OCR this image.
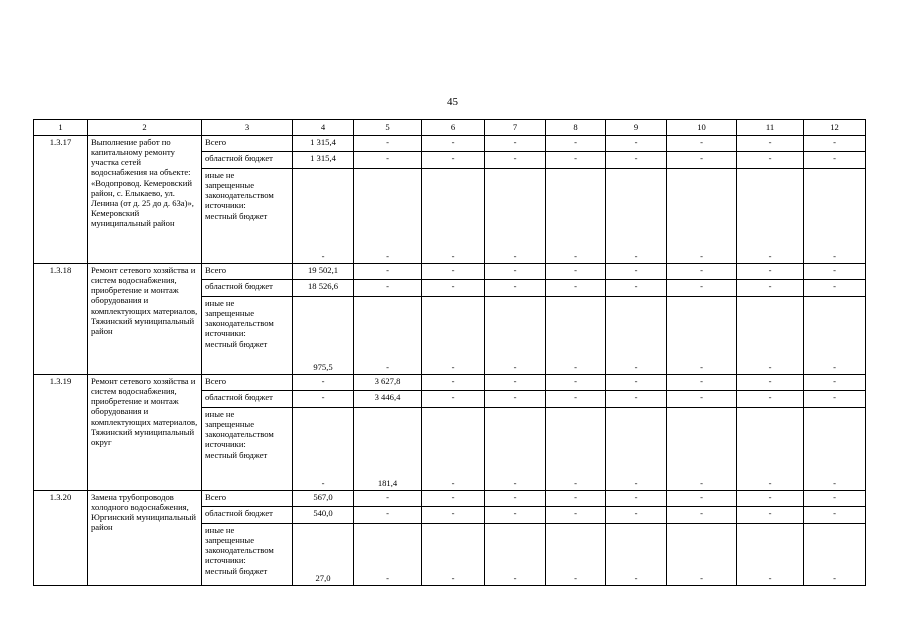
45
1	2	3	4	5	6	7	8	9	10	11	12
1.3.17	Выполнение работ по капитальному ремонту участка сетей водоснабжения на объекте: «Водопровод. Кемеровский район, с. Елыкаево, ул. Ленина (от д. 25 до д. 63а)», Кемеровский муниципальный район	Всего	1 315,4	-	-	-	-	-	-	-	-
		областной бюджет	1 315,4	-	-	-	-	-	-	-	-
		иные не
запрещенные
законодательством
источники:
местный бюджет	-	-	-	-	-	-	-	-	-
1.3.18	Ремонт сетевого хозяйства и систем водоснабжения, приобретение и монтаж оборудования и комплектующих материалов, Тяжинский муниципальный район	Всего	19 502,1	-	-	-	-	-	-	-	-
		областной бюджет	18 526,6	-	-	-	-	-	-	-	-
		иные не
запрещенные
законодательством
источники:
местный бюджет	975,5	-	-	-	-	-	-	-	-
1.3.19	Ремонт сетевого хозяйства и систем водоснабжения, приобретение и монтаж оборудования и комплектующих материалов, Тяжинский муниципальный округ	Всего	-	3 627,8	-	-	-	-	-	-	-
		областной бюджет	-	3 446,4	-	-	-	-	-	-	-
		иные не
запрещенные
законодательством
источники:
местный бюджет	-	181,4	-	-	-	-	-	-	-
1.3.20	Замена трубопроводов холодного водоснабжения, Юргинский муниципальный район	Всего	567,0	-	-	-	-	-	-	-	-
		областной бюджет	540,0	-	-	-	-	-	-	-	-
		иные не
запрещенные
законодательством
источники:
местный бюджет	27,0	-	-	-	-	-	-	-	-
